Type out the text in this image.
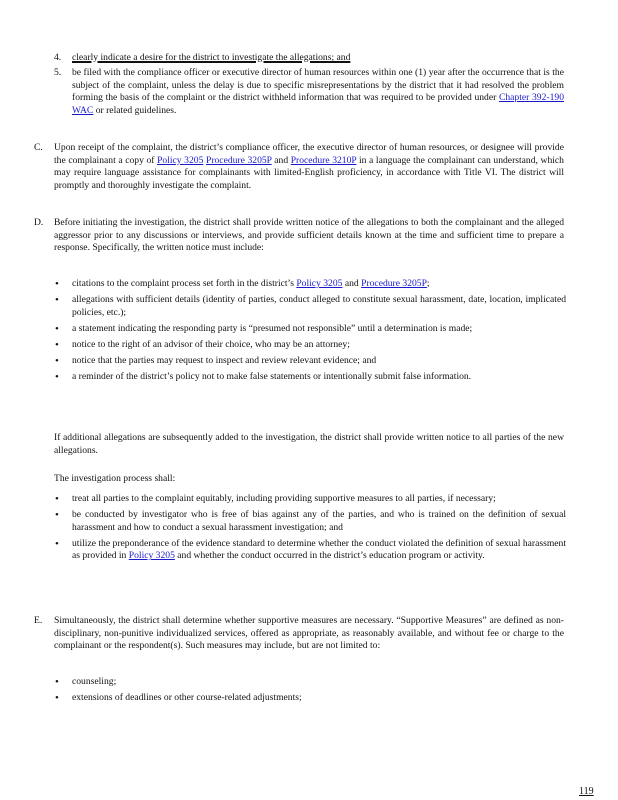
4. clearly indicate a desire for the district to investigate the allegations; and
5. be filed with the compliance officer or executive director of human resources within one (1) year after the occurrence that is the subject of the complaint, unless the delay is due to specific misrepresentations by the district that it had resolved the problem forming the basis of the complaint or the district withheld information that was required to be provided under Chapter 392-190 WAC or related guidelines.
C. Upon receipt of the complaint, the district’s compliance officer, the executive director of human resources, or designee will provide the complainant a copy of Policy 3205 Procedure 3205P and Procedure 3210P in a language the complainant can understand, which may require language assistance for complainants with limited-English proficiency, in accordance with Title VI. The district will promptly and thoroughly investigate the complaint.
D. Before initiating the investigation, the district shall provide written notice of the allegations to both the complainant and the alleged aggressor prior to any discussions or interviews, and provide sufficient details known at the time and sufficient time to prepare a response. Specifically, the written notice must include:
• citations to the complaint process set forth in the district’s Policy 3205 and Procedure 3205P;
• allegations with sufficient details (identity of parties, conduct alleged to constitute sexual harassment, date, location, implicated policies, etc.);
• a statement indicating the responding party is “presumed not responsible” until a determination is made;
• notice to the right of an advisor of their choice, who may be an attorney;
• notice that the parties may request to inspect and review relevant evidence; and
• a reminder of the district’s policy not to make false statements or intentionally submit false information.
If additional allegations are subsequently added to the investigation, the district shall provide written notice to all parties of the new allegations.
The investigation process shall:
• treat all parties to the complaint equitably, including providing supportive measures to all parties, if necessary;
• be conducted by investigator who is free of bias against any of the parties, and who is trained on the definition of sexual harassment and how to conduct a sexual harassment investigation; and
• utilize the preponderance of the evidence standard to determine whether the conduct violated the definition of sexual harassment as provided in Policy 3205 and whether the conduct occurred in the district’s education program or activity.
E. Simultaneously, the district shall determine whether supportive measures are necessary. “Supportive Measures” are defined as non-disciplinary, non-punitive individualized services, offered as appropriate, as reasonably available, and without fee or charge to the complainant or the respondent(s). Such measures may include, but are not limited to:
• counseling;
• extensions of deadlines or other course-related adjustments;
119
